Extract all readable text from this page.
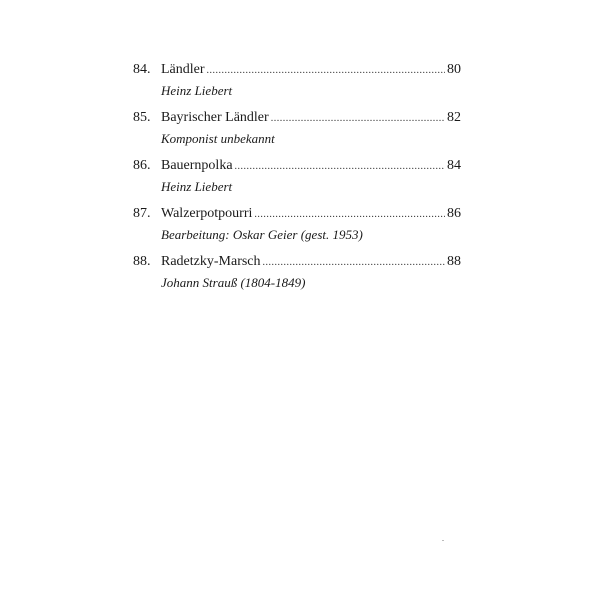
84. Ländler .....	80
Heinz Liebert
85. Bayrischer Ländler .....	82
Komponist unbekannt
86. Bauernpolka .....	84
Heinz Liebert
87. Walzerpotpourri .....	86
Bearbeitung: Oskar Geier (gest. 1953)
88. Radetzky-Marsch .....	88
Johann Strauß (1804-1849)
